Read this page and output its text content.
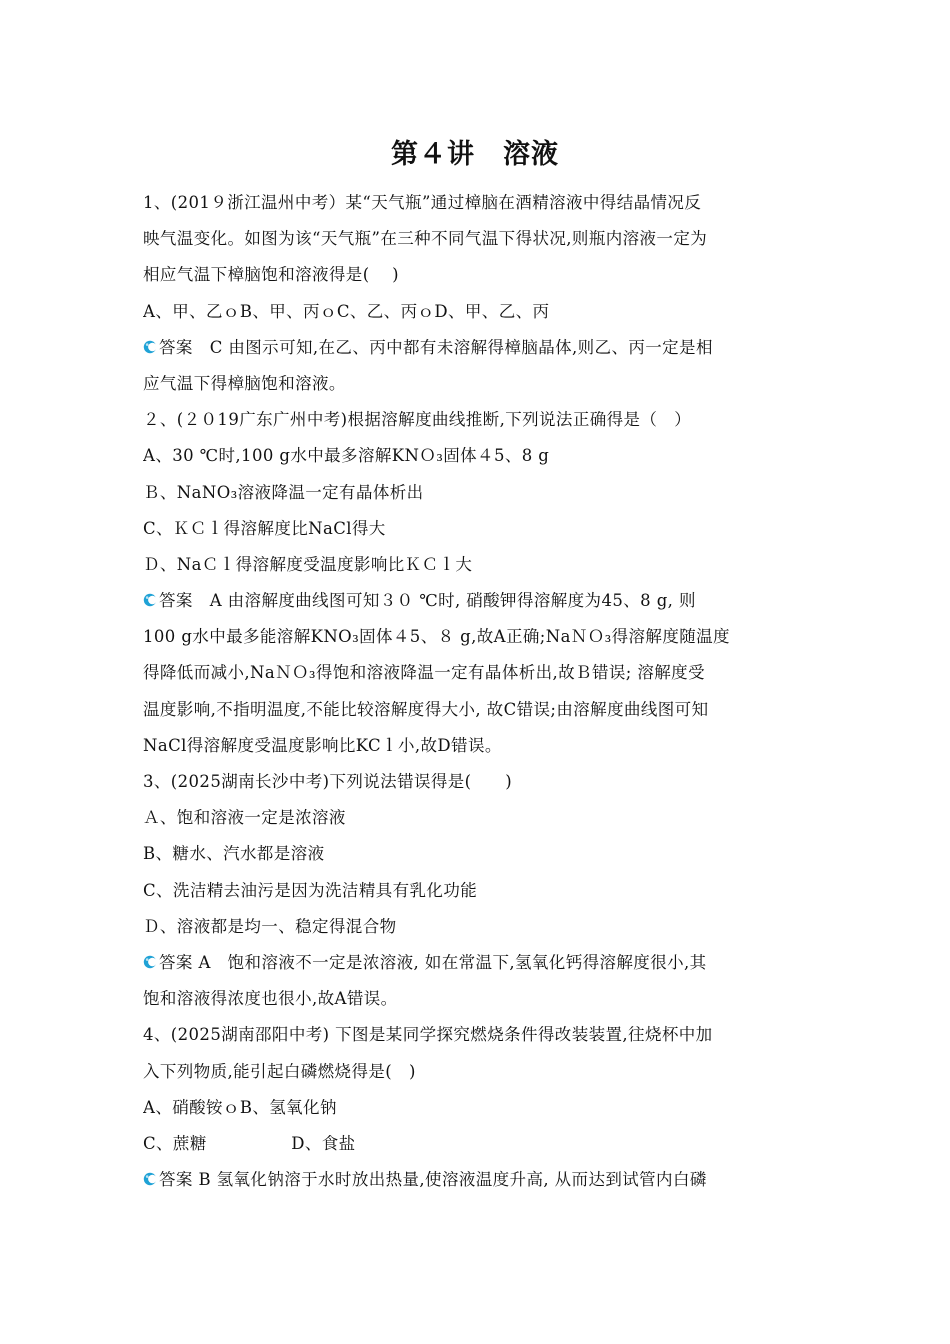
第４讲　溶液
1、(201９浙江温州中考）某“天气瓶”通过樟脑在酒精溶液中得结晶情况反
映气温变化。如图为该“天气瓶”在三种不同气温下得状况,则瓶内溶液一定为
相应气温下樟脑饱和溶液得是(　 )
A、甲、乙ｏB、甲、丙ｏC、乙、丙ｏD、甲、乙、丙
答案　C 由图示可知,在乙、丙中都有未溶解得樟脑晶体,则乙、丙一定是相
应气温下得樟脑饱和溶液。
２、(２０19广东广州中考)根据溶解度曲线推断,下列说法正确得是（　）
A、30 ℃时,100 g水中最多溶解KNＯ₃固体４5、8 g
Ｂ、NaNO₃溶液降温一定有晶体析出
C、ＫＣｌ得溶解度比NaCl得大
Ｄ、NaＣｌ得溶解度受温度影响比ＫＣｌ大
答案　A 由溶解度曲线图可知３０ ℃时, 硝酸钾得溶解度为45、8 g, 则
100 g水中最多能溶解KNO₃固体４5、８ g,故A正确;NaＮＯ₃得溶解度随温度
得降低而减小,NaＮＯ₃得饱和溶液降温一定有晶体析出,故Ｂ错误; 溶解度受
温度影响,不指明温度,不能比较溶解度得大小, 故C错误;由溶解度曲线图可知
NaCl得溶解度受温度影响比KCｌ小,故D错误。
3、(2025湖南长沙中考)下列说法错误得是(　　)
Ａ、饱和溶液一定是浓溶液
B、糖水、汽水都是溶液
C、洗洁精去油污是因为洗洁精具有乳化功能
Ｄ、溶液都是均一、稳定得混合物
答案 A　饱和溶液不一定是浓溶液, 如在常温下,氢氧化钙得溶解度很小,其
饱和溶液得浓度也很小,故A错误。
4、(2025湖南邵阳中考) 下图是某同学探究燃烧条件得改装装置,往烧杯中加
入下列物质,能引起白磷燃烧得是(　)
A、硝酸铵ｏB、氢氧化钠
C、蔗糖　　　　　D、食盐
答案 B 氢氧化钠溶于水时放出热量,使溶液温度升高, 从而达到试管内白磷
